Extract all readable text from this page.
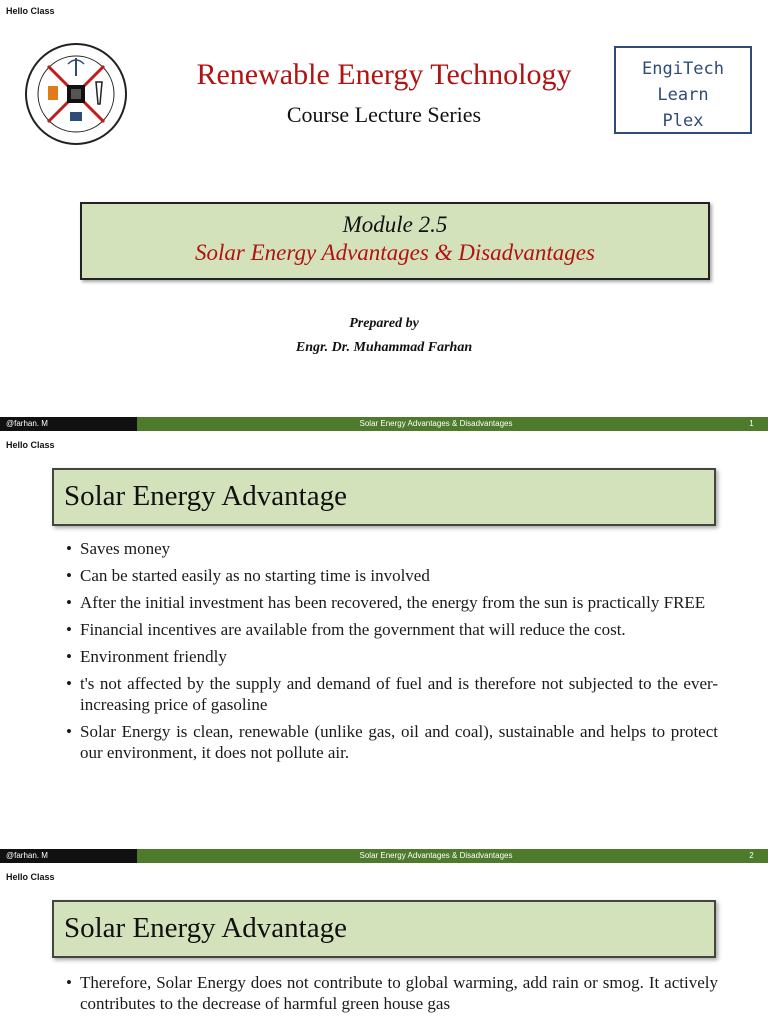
Hello Class
Renewable Energy Technology
Course Lecture Series
EngiTech
Learn
Plex
Module 2.5
Solar Energy Advantages & Disadvantages
Prepared by
Engr. Dr. Muhammad Farhan
@farhan. M	Solar Energy Advantages & Disadvantages	1
Hello Class
Solar Energy Advantage
• Saves money
• Can be started easily as no starting time is involved
• After the initial investment has been recovered, the energy from the sun is practically FREE
• Financial incentives are available from the government that will reduce the cost.
• Environment friendly
• t's not affected by the supply and demand of fuel and is therefore not subjected to the ever-increasing price of gasoline
• Solar Energy is clean, renewable (unlike gas, oil and coal), sustainable and helps to protect our environment, it does not pollute air.
@farhan. M	Solar Energy Advantages & Disadvantages	2
Hello Class
Solar Energy Advantage
• Therefore, Solar Energy does not contribute to global warming, add rain or smog. It actively contributes to the decrease of harmful green house gas
